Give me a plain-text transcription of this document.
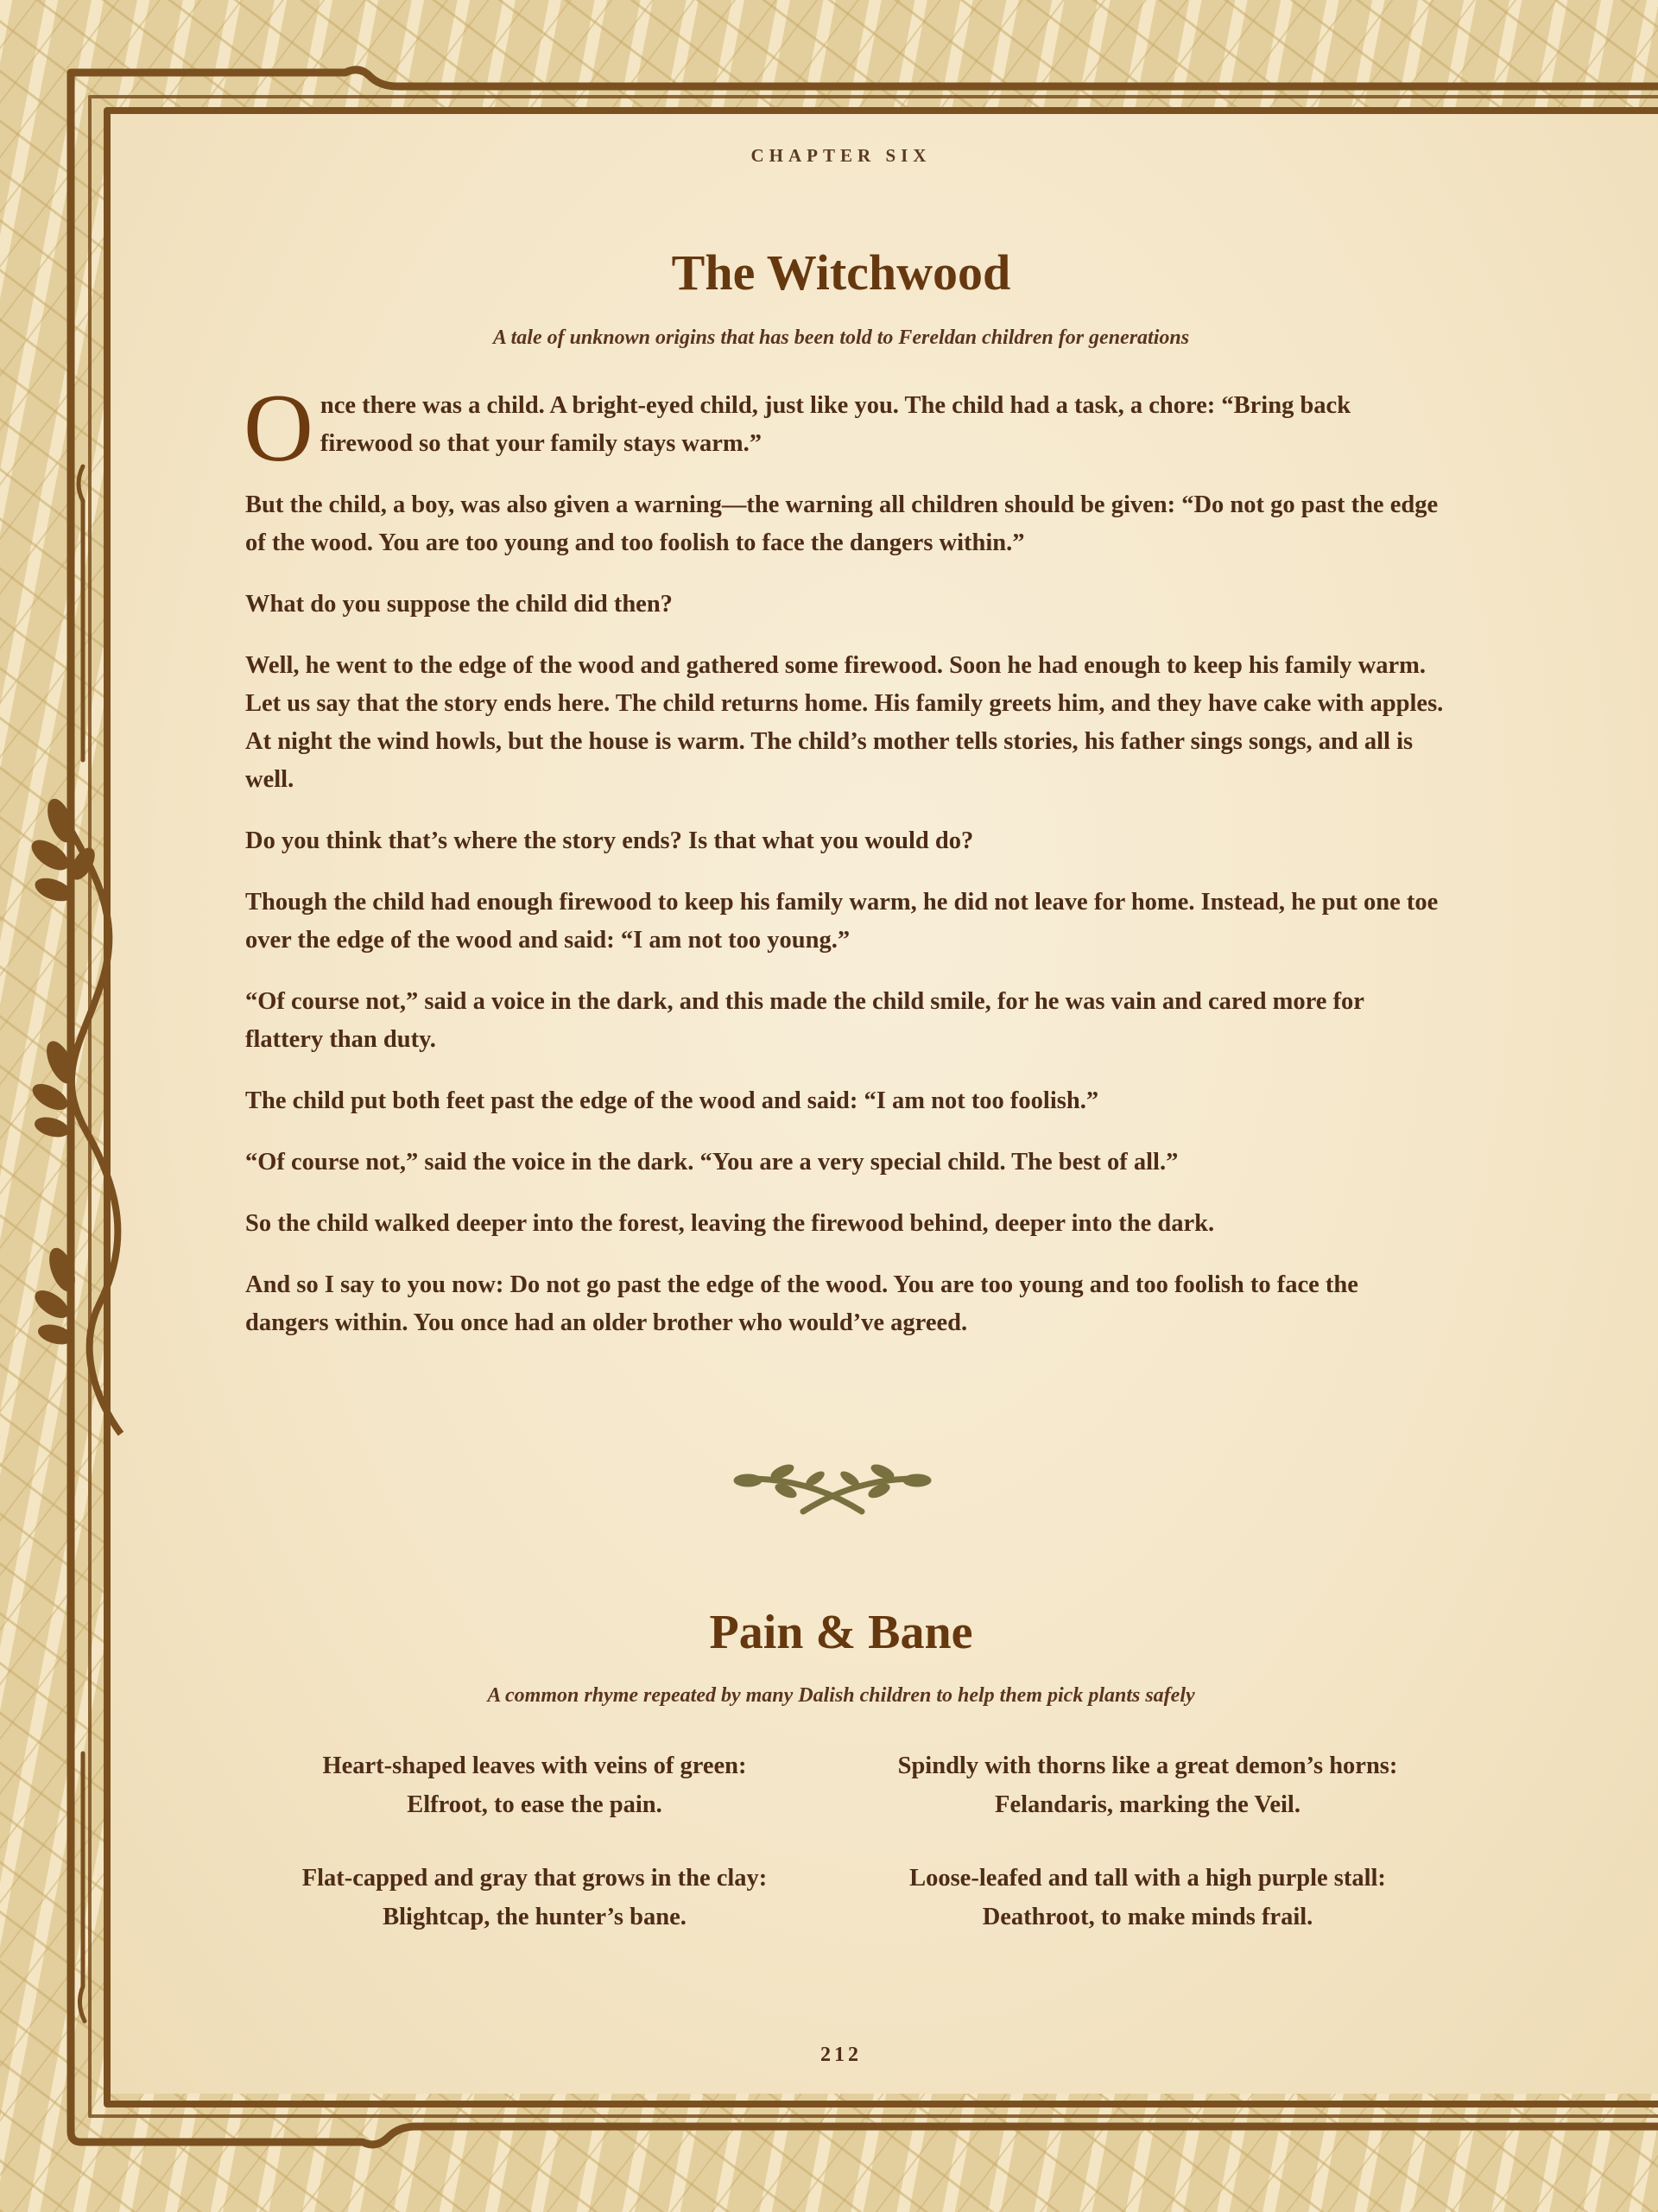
CHAPTER SIX
The Witchwood

A tale of unknown origins that has been told to Fereldan children for generations

Once there was a child. A bright-eyed child, just like you. The child had a task, a chore: “Bring back firewood so that your family stays warm.”

But the child, a boy, was also given a warning—the warning all children should be given: “Do not go past the edge of the wood. You are too young and too foolish to face the dangers within.”

What do you suppose the child did then?

Well, he went to the edge of the wood and gathered some firewood. Soon he had enough to keep his family warm. Let us say that the story ends here. The child returns home. His family greets him, and they have cake with apples. At night the wind howls, but the house is warm. The child’s mother tells stories, his father sings songs, and all is well.

Do you think that’s where the story ends? Is that what you would do?

Though the child had enough firewood to keep his family warm, he did not leave for home. Instead, he put one toe over the edge of the wood and said: “I am not too young.”

“Of course not,” said a voice in the dark, and this made the child smile, for he was vain and cared more for flattery than duty.

The child put both feet past the edge of the wood and said: “I am not too foolish.”

“Of course not,” said the voice in the dark. “You are a very special child. The best of all.”

So the child walked deeper into the forest, leaving the firewood behind, deeper into the dark.

And so I say to you now: Do not go past the edge of the wood. You are too young and too foolish to face the dangers within. You once had an older brother who would’ve agreed.

Pain & Bane

A common rhyme repeated by many Dalish children to help them pick plants safely

Heart-shaped leaves with veins of green:
Elfroot, to ease the pain.
Spindly with thorns like a great demon’s horns:
Felandaris, marking the Veil.
Flat-capped and gray that grows in the clay:
Blightcap, the hunter’s bane.
Loose-leafed and tall with a high purple stall:
Deathroot, to make minds frail.
212
